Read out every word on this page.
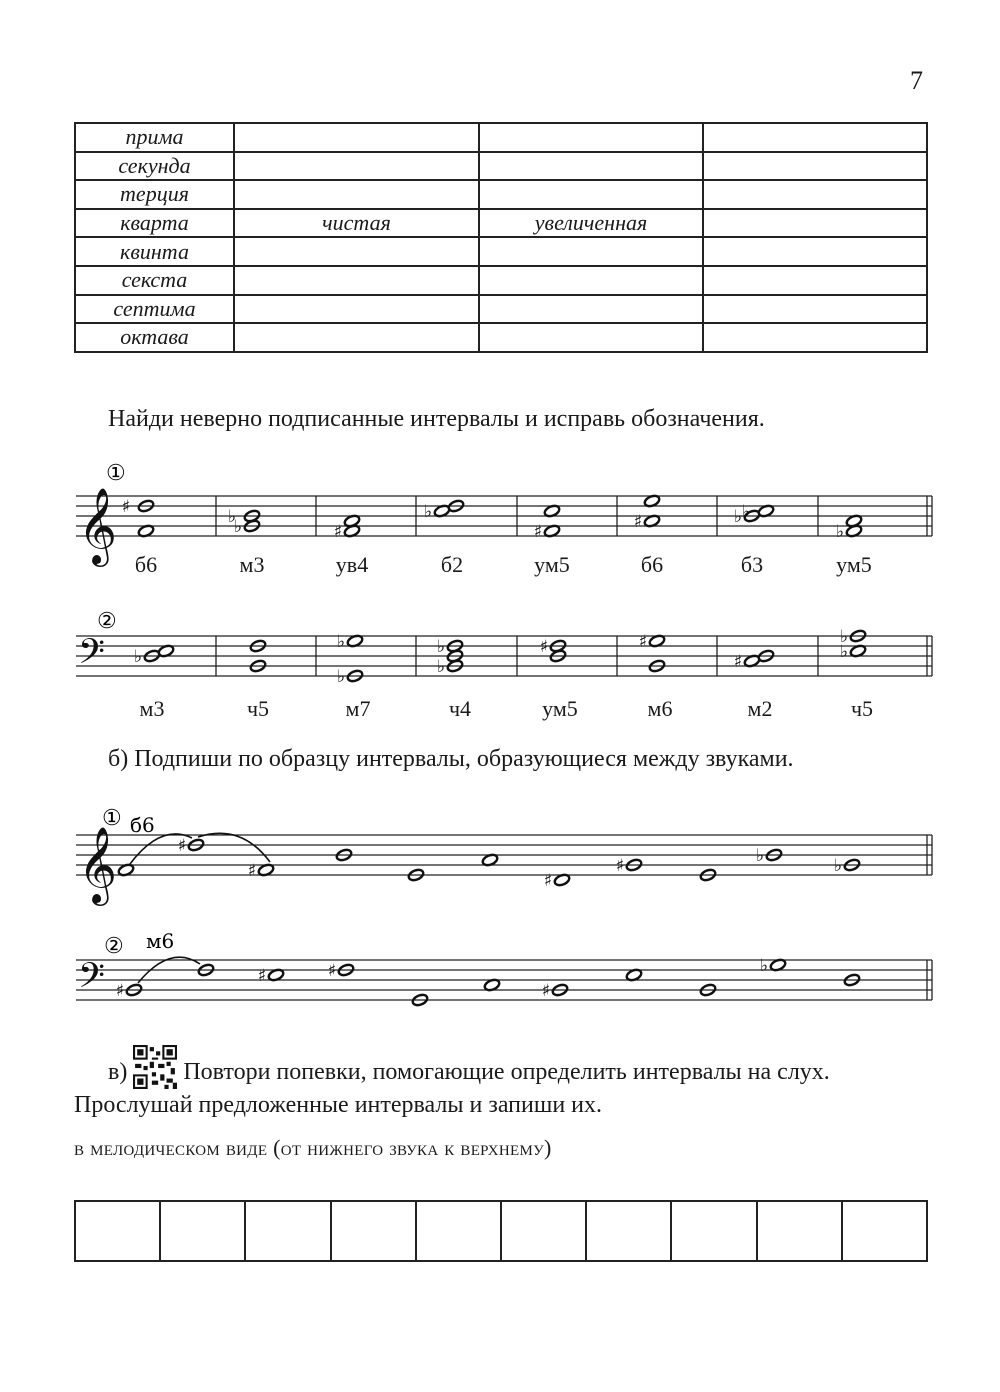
7
прима			
секунда			
терция			
кварта	чистая	увеличенная	
квинта			
секста			
септима			
октава			
Найди неверно подписанные интервалы и исправь обозначения.
①
𝄞 ♯
♭
♭
♯
♭
♯	♯	♭ ♭
♭
②
𝄢 ♭
♭
♭
♭
♭	♯	♯
♯	♭
♭
б6	м3	ув4	б2	ум5	б6	б3	ум5
м3	ч5	м7	ч4	ум5	м6	м2	ч5
б) Подпиши по образцу интервалы, образующиеся между звуками.
① б6
𝄞	♯
♯	♯
♯	♭	♭
② м6
𝄢 ♯
♯	♯
♯
♭
в) Повтори попевки, помогающие определить интервалы на слух. Прослушай предложенные интервалы и запиши их.
в мелодическом виде (от нижнего звука к верхнему)
